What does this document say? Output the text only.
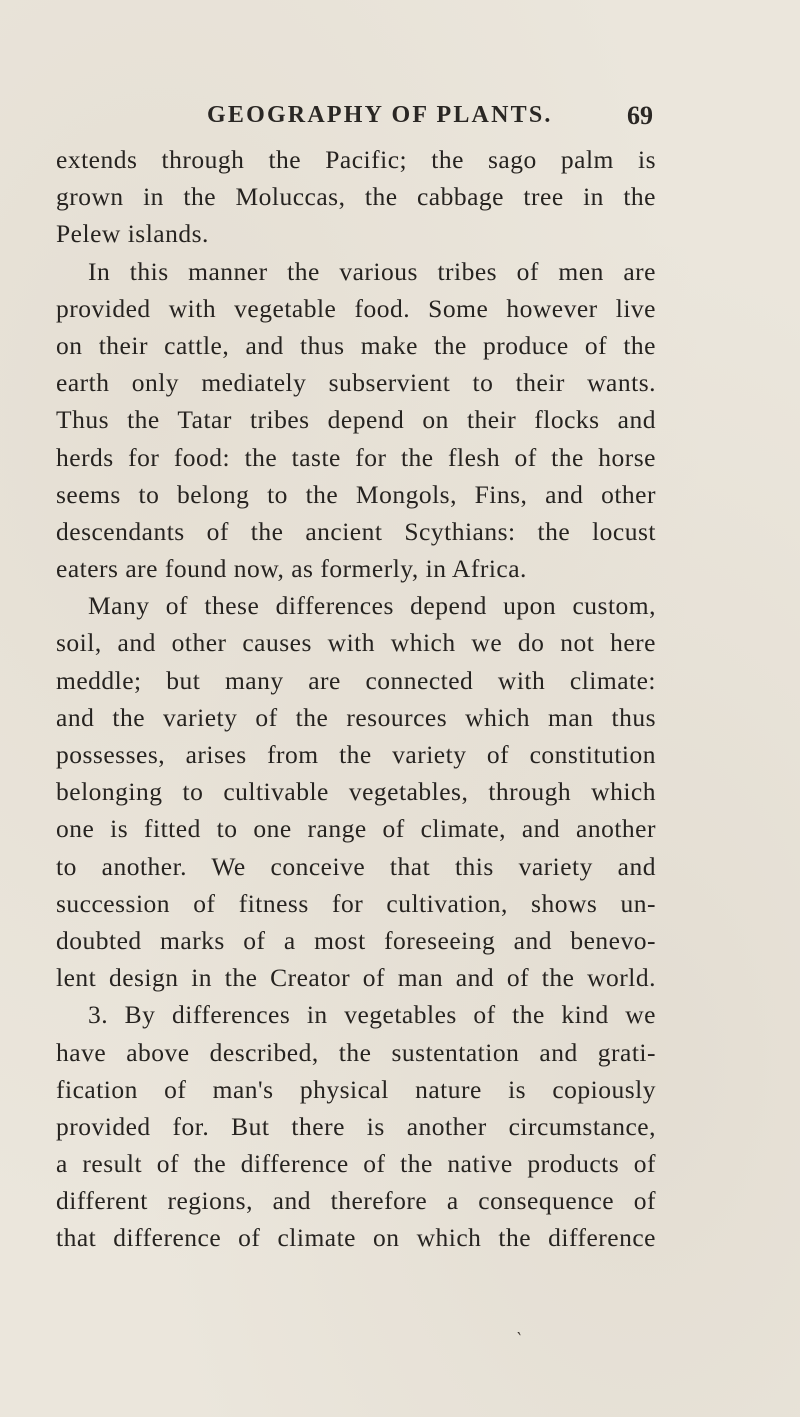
GEOGRAPHY OF PLANTS.	69
extends through the Pacific; the sago palm is
grown in the Moluccas, the cabbage tree in the
Pelew islands.
In this manner the various tribes of men are
provided with vegetable food. Some however live
on their cattle, and thus make the produce of the
earth only mediately subservient to their wants.
Thus the Tatar tribes depend on their flocks and
herds for food: the taste for the flesh of the horse
seems to belong to the Mongols, Fins, and other
descendants of the ancient Scythians: the locust
eaters are found now, as formerly, in Africa.
Many of these differences depend upon custom,
soil, and other causes with which we do not here
meddle; but many are connected with climate:
and the variety of the resources which man thus
possesses, arises from the variety of constitution
belonging to cultivable vegetables, through which
one is fitted to one range of climate, and another
to another. We conceive that this variety and
succession of fitness for cultivation, shows un-
doubted marks of a most foreseeing and benevo-
lent design in the Creator of man and of the world.
3. By differences in vegetables of the kind we
have above described, the sustentation and grati-
fication of man's physical nature is copiously
provided for. But there is another circumstance,
a result of the difference of the native products of
different regions, and therefore a consequence of
that difference of climate on which the difference
‵
